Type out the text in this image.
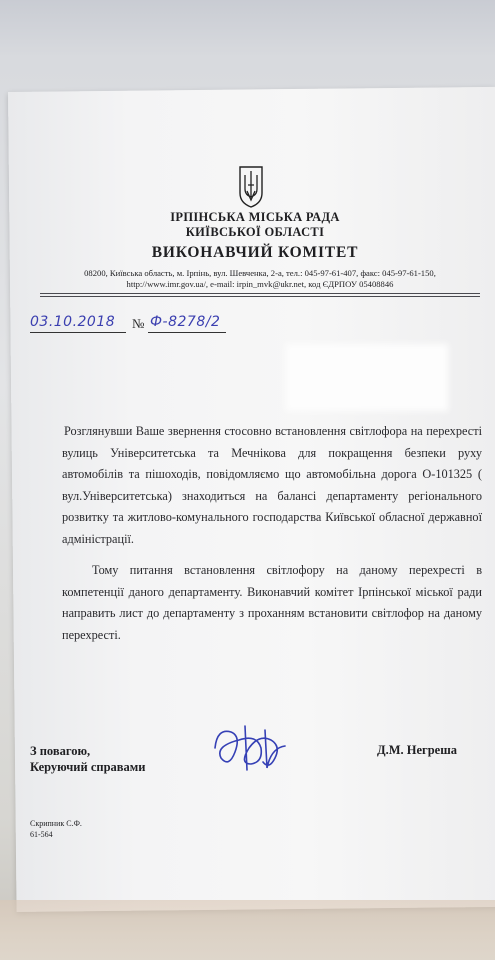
ІРПІНСЬКА МІСЬКА РАДА
КИЇВСЬКОЇ ОБЛАСТІ
ВИКОНАВЧИЙ КОМІТЕТ
08200, Київська область, м. Ірпінь, вул. Шевченка, 2-а, тел.: 045-97-61-407, факс: 045-97-61-150,
http://www.imr.gov.ua/, e-mail: irpin_mvk@ukr.net, код ЄДРПОУ 05408846
03.10.2018 № Ф-8278/2
Розглянувши Ваше звернення стосовно встановлення світлофора на перехресті вулиць Університетська та Мечнікова для покращення безпеки руху автомобілів та пішоходів, повідомляємо що автомобільна дорога О-101325 ( вул.Університетська) знаходиться на балансі департаменту регіонального розвитку та житлово-комунального господарства Київської обласної державної адміністрації.
Тому питання встановлення світлофору на даному перехресті в компетенції даного департаменту. Виконавчий комітет Ірпінської міської ради направить лист до департаменту з проханням встановити світлофор на даному перехресті.
З повагою,
Керуючий справами
Д.М. Негреша
Скрипник С.Ф.
61-564
